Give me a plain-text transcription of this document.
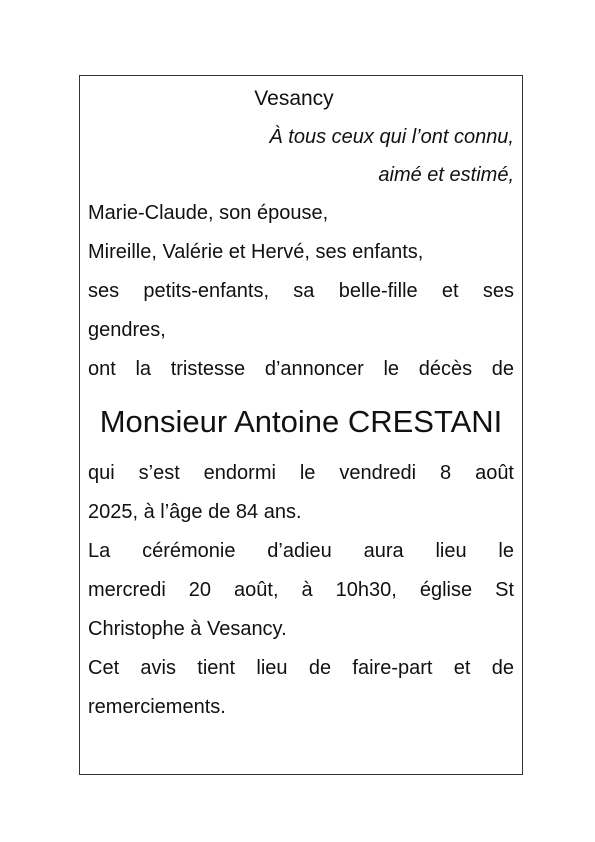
Vesancy
À tous ceux qui l’ont connu,
aimé et estimé,
Marie-Claude, son épouse,
Mireille, Valérie et Hervé, ses enfants,
ses petits-enfants, sa belle-fille et ses
gendres,
ont la tristesse d’annoncer le décès de
Monsieur Antoine CRESTANI
qui s’est endormi le vendredi 8 août
2025, à l’âge de 84 ans.
La cérémonie d’adieu aura lieu le
mercredi 20 août, à 10h30, église St
Christophe à Vesancy.
Cet avis tient lieu de faire-part et de
remerciements.
